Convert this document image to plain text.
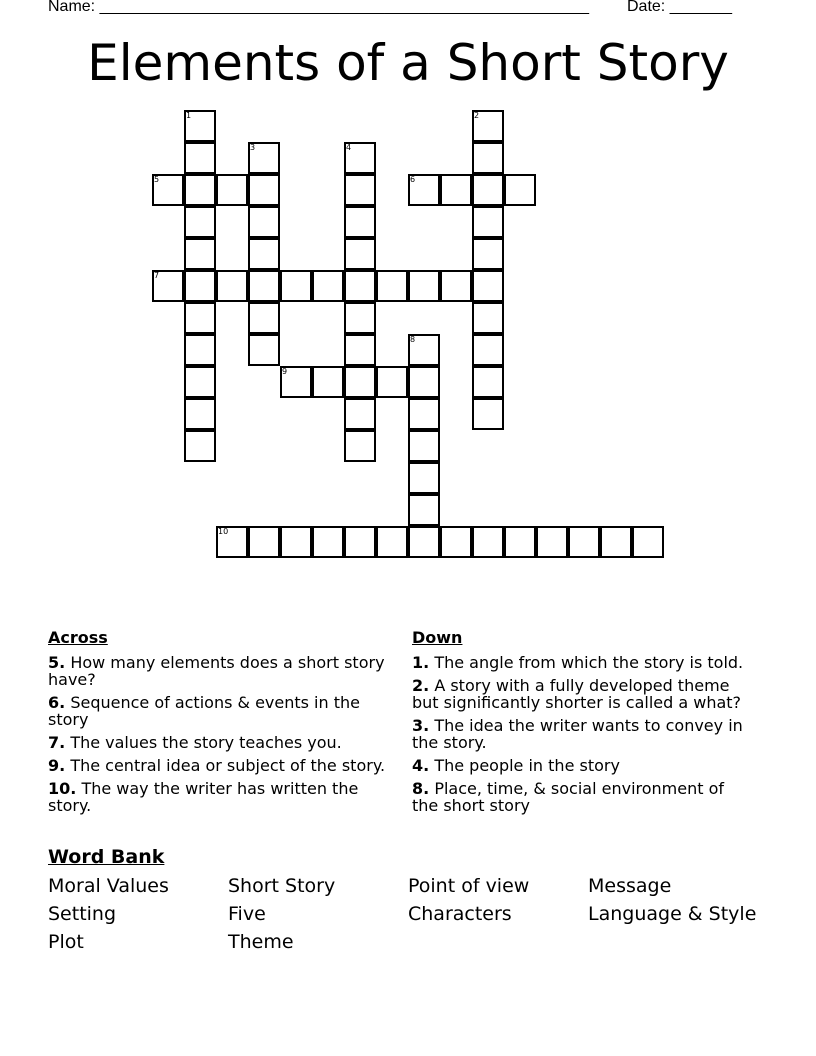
Name: _______________________________________________________ Date: _______
Elements of a Short Story
5	6
7
9
10
1	2
3	4
8
Across
5. How many elements does a short story have?
6. Sequence of actions & events in the story
7. The values the story teaches you.
9. The central idea or subject of the story.
10. The way the writer has written the story.
Down
1. The angle from which the story is told.
2. A story with a fully developed theme but significantly shorter is called a what?
3. The idea the writer wants to convey in the story.
4. The people in the story
8. Place, time, & social environment of the short story
Word Bank
Moral Values	Short Story	Point of view	Message
Setting	Five	Characters	Language & Style
Plot	Theme
